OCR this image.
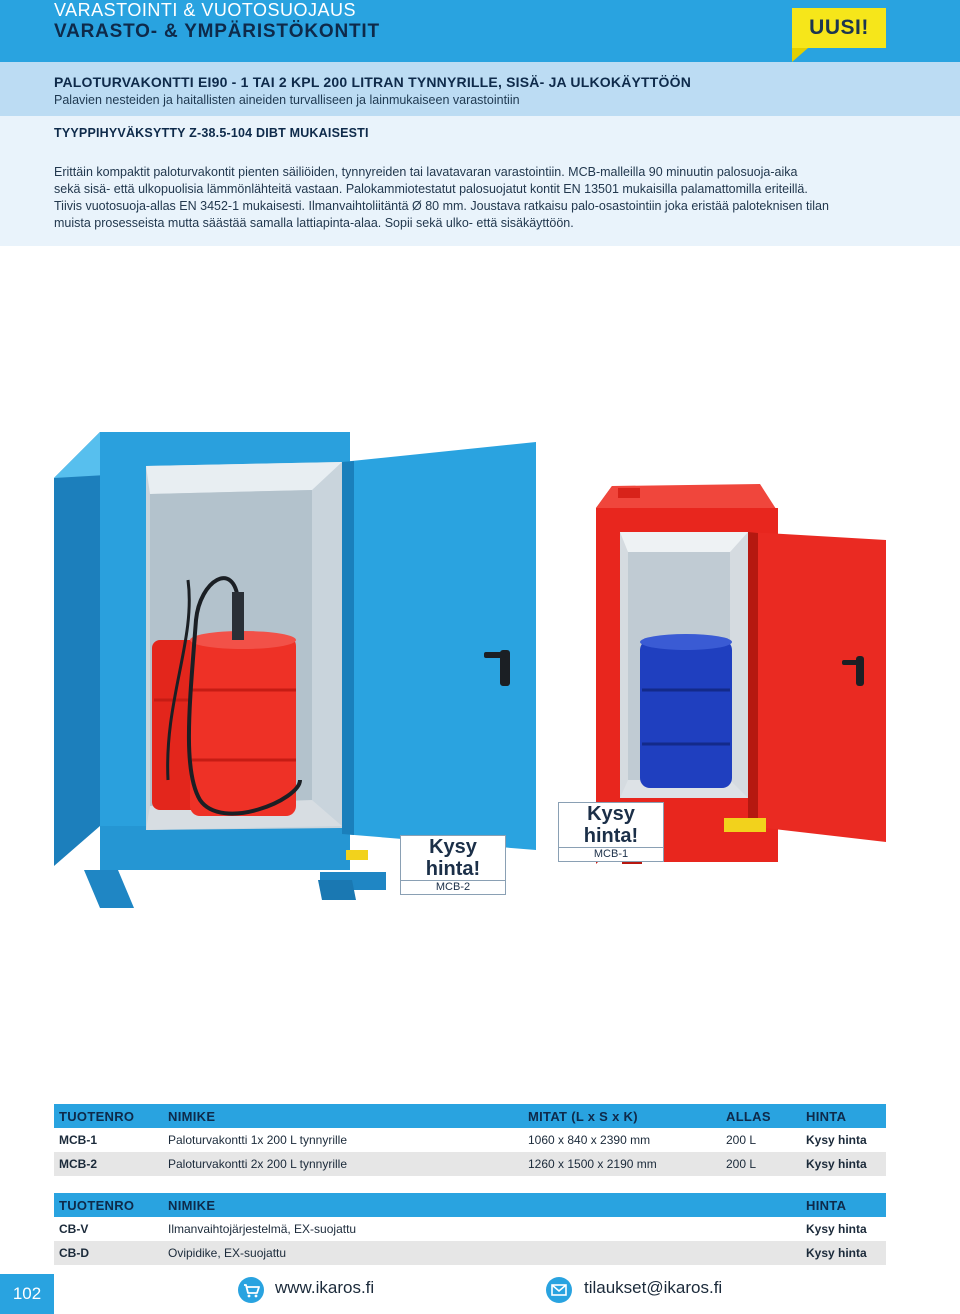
VARASTOINTI & VUOTOSUOJAUS
VARASTO- & YMPÄRISTÖKONTIT	UUSI!
PALOTURVAKONTTI EI90 - 1 TAI 2 KPL 200 LITRAN TYNNYRILLE, SISÄ- JA ULKOKÄYTTÖÖN
Palavien nesteiden ja haitallisten aineiden turvalliseen ja lainmukaiseen varastointiin
TYYPPIHYVÄKSYTTY Z-38.5-104 DIBT MUKAISESTI
Erittäin kompaktit paloturvakontit pienten säiliöiden, tynnyreiden tai lavatavaran varastointiin. MCB-malleilla 90 minuutin palosuoja-aika
sekä sisä- että ulkopuolisia lämmönlähteitä vastaan. Palokammiotestatut palosuojatut kontit EN 13501 mukaisilla palamattomilla eriteillä.
Tiivis vuotosuoja-allas EN 3452-1 mukaisesti. Ilmanvaihtoliitäntä Ø 80 mm. Joustava ratkaisu palo-osastointiin joka eristää paloteknisen tilan
muista prosesseista mutta säästää samalla lattiapinta-alaa. Sopii sekä ulko- että sisäkäyttöön.
Kysy hinta!
MCB-2
Kysy hinta!
MCB-1
TUOTENRO	NIMIKE	MITAT (L x S x K)	ALLAS	HINTA
MCB-1	Paloturvakontti 1x 200 L tynnyrille	1060 x 840 x 2390 mm	200 L	Kysy hinta
MCB-2	Paloturvakontti 2x 200 L tynnyrille	1260 x 1500 x 2190 mm	200 L	Kysy hinta
TUOTENRO	NIMIKE	HINTA
CB-V	Ilmanvaihtojärjestelmä, EX-suojattu	Kysy hinta
CB-D	Ovipidike, EX-suojattu	Kysy hinta
102	www.ikaros.fi	tilaukset@ikaros.fi
